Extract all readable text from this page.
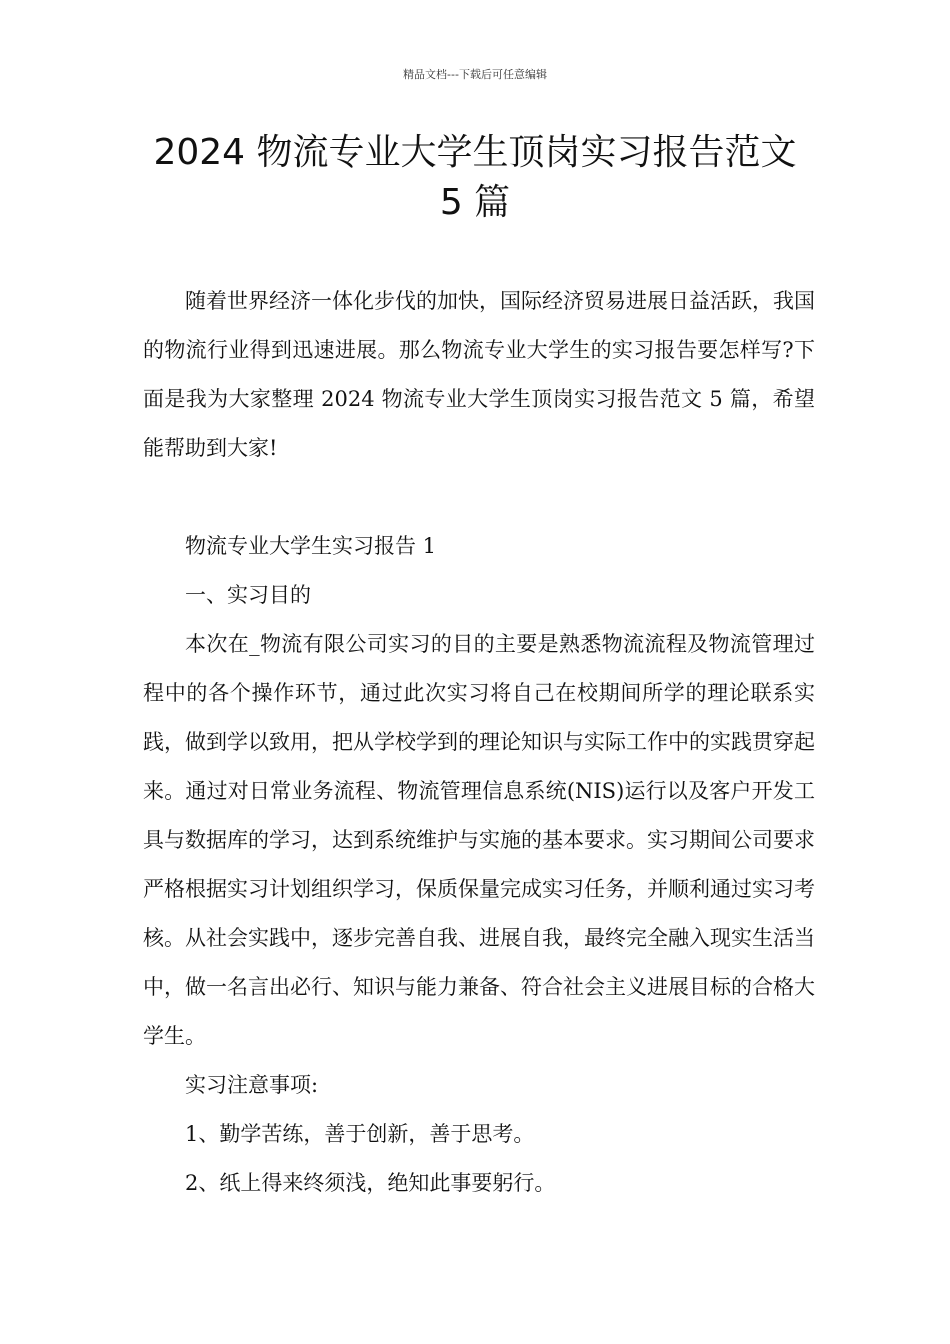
精品文档---下载后可任意编辑
2024 物流专业大学生顶岗实习报告范文
5 篇

随着世界经济一体化步伐的加快，国际经济贸易进展日益活跃，我国的物流行业得到迅速进展。那么物流专业大学生的实习报告要怎样写?下面是我为大家整理 2024 物流专业大学生顶岗实习报告范文 5 篇，希望能帮助到大家!

物流专业大学生实习报告 1

一、实习目的

本次在_物流有限公司实习的目的主要是熟悉物流流程及物流管理过程中的各个操作环节，通过此次实习将自己在校期间所学的理论联系实践，做到学以致用，把从学校学到的理论知识与实际工作中的实践贯穿起来。通过对日常业务流程、物流管理信息系统(NIS)运行以及客户开发工具与数据库的学习，达到系统维护与实施的基本要求。实习期间公司要求严格根据实习计划组织学习，保质保量完成实习任务，并顺利通过实习考核。从社会实践中，逐步完善自我、进展自我，最终完全融入现实生活当中，做一名言出必行、知识与能力兼备、符合社会主义进展目标的合格大学生。

实习注意事项:

1、勤学苦练，善于创新，善于思考。

2、纸上得来终须浅，绝知此事要躬行。
